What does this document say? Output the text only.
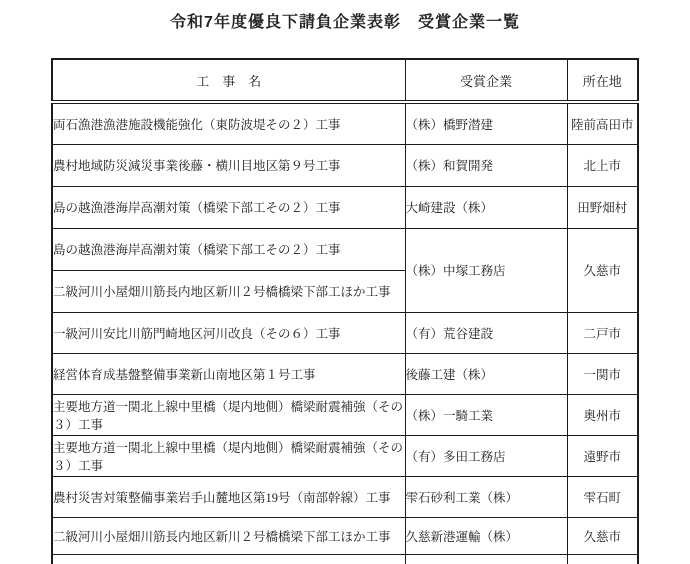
令和7年度優良下請負企業表彰　受賞企業一覧
工　事　名	受賞企業	所在地
両石漁港漁港施設機能強化（東防波堤その２）工事	（株）橋野潜建	陸前高田市
農村地域防災減災事業後藤・横川目地区第９号工事	（株）和賀開発	北上市
島の越漁港海岸高潮対策（橋梁下部工その２）工事	大崎建設（株）	田野畑村
島の越漁港海岸高潮対策（橋梁下部工その２）工事	（株）中塚工務店	久慈市
二級河川小屋畑川筋長内地区新川２号橋橋梁下部工ほか工事		
一級河川安比川筋門崎地区河川改良（その６）工事	（有）荒谷建設	二戸市
経営体育成基盤整備事業新山南地区第１号工事	後藤工建（株）	一関市
主要地方道一関北上線中里橋（堤内地側）橋梁耐震補強（その３）工事	（株）一騎工業	奥州市
主要地方道一関北上線中里橋（堤内地側）橋梁耐震補強（その３）工事	（有）多田工務店	遠野市
農村災害対策整備事業岩手山麓地区第19号（南部幹線）工事	雫石砂利工業（株）	雫石町
二級河川小屋畑川筋長内地区新川２号橋橋梁下部工ほか工事	久慈新港運輸（株）	久慈市
